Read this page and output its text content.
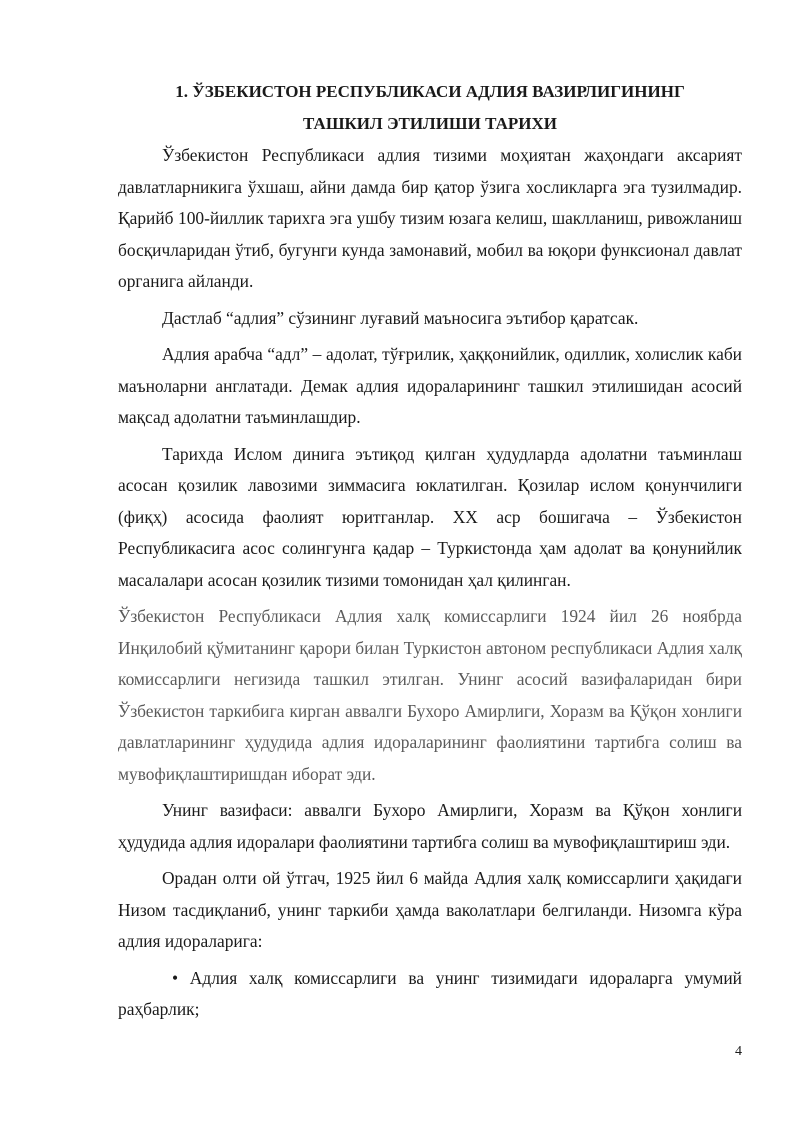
1. ЎЗБЕКИСТОН РЕСПУБЛИКАСИ АДЛИЯ ВАЗИРЛИГИНИНГ
ТАШКИЛ ЭТИЛИШИ ТАРИХИ

Ўзбекистон Республикаси адлия тизими моҳиятан жаҳондаги аксарият давлатларникига ўхшаш, айни дамда бир қатор ўзига хосликларга эга тузилмадир. Қарийб 100-йиллик тарихга эга ушбу тизим юзага келиш, шаклланиш, ривожланиш босқичларидан ўтиб, бугунги кунда замонавий, мобил ва юқори функсионал давлат органига айланди.

Дастлаб “адлия” сўзининг луғавий маъносига эътибор қаратсак.

Адлия арабча “адл” – адолат, тўғрилик, ҳаққонийлик, одиллик, холислик каби маъноларни англатади. Демак адлия идораларининг ташкил этилишидан асосий мақсад адолатни таъминлашдир.

Тарихда Ислом динига эътиқод қилган ҳудудларда адолатни таъминлаш асосан қозилик лавозими зиммасига юклатилган. Қозилар ислом қонунчилиги (фиқҳ) асосида фаолият юритганлар. XX аср бошигача – Ўзбекистон Республикасига асос солингунга қадар – Туркистонда ҳам адолат ва қонунийлик масалалари асосан қозилик тизими томонидан ҳал қилинган.

Ўзбекистон Республикаси Адлия халқ комиссарлиги 1924 йил 26 ноябрда Инқилобий қўмитанинг қарори билан Туркистон автоном республикаси Адлия халқ комиссарлиги негизида ташкил этилган. Унинг асосий вазифаларидан бири Ўзбекистон таркибига кирган аввалги Бухоро Амирлиги, Хоразм ва Қўқон хонлиги давлатларининг ҳудудида адлия идораларининг фаолиятини тартибга солиш ва мувофиқлаштиришдан иборат эди.

Унинг вазифаси: аввалги Бухоро Амирлиги, Хоразм ва Қўқон хонлиги ҳудудида адлия идоралари фаолиятини тартибга солиш ва мувофиқлаштириш эди.

Орадан олти ой ўтгач, 1925 йил 6 майда Адлия халқ комиссарлиги ҳақидаги Низом тасдиқланиб, унинг таркиби ҳамда ваколатлари белгиланди. Низомга кўра адлия идораларига:

• Адлия халқ комиссарлиги ва унинг тизимидаги идораларга умумий раҳбарлик;

4
